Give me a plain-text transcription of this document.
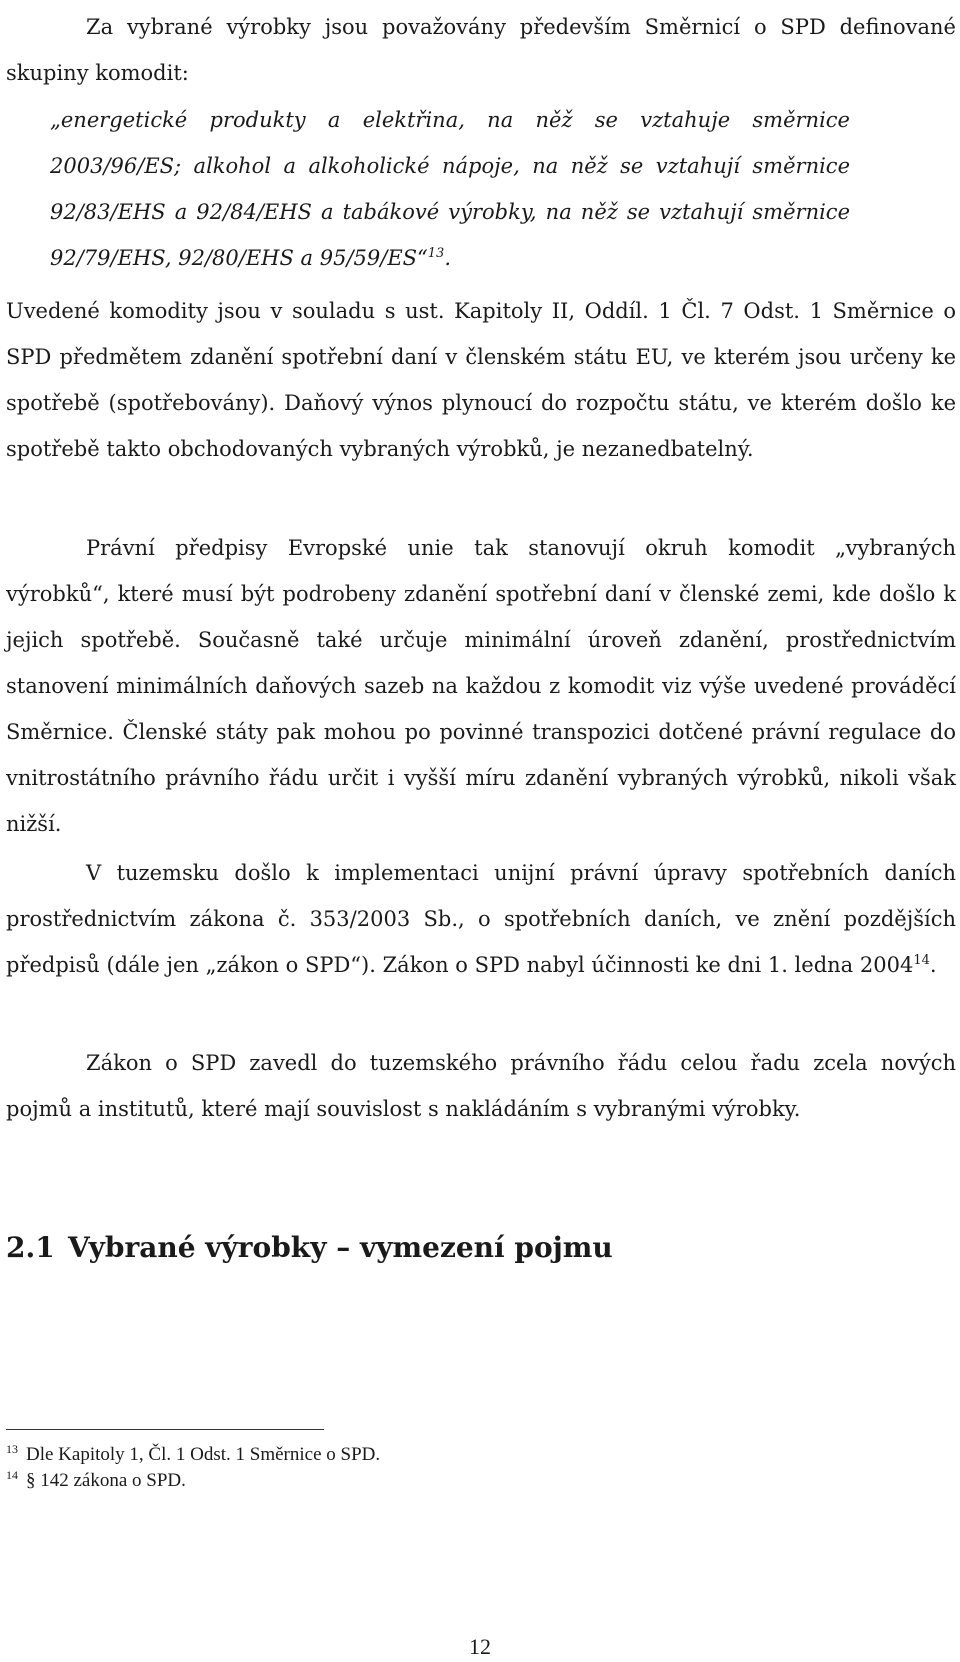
Za vybrané výrobky jsou považovány především Směrnicí o SPD definované skupiny komodit:

„energetické produkty a elektřina, na něž se vztahuje směrnice 2003/96/ES; alkohol a alkoholické nápoje, na něž se vztahují směrnice 92/83/EHS a 92/84/EHS a tabákové výrobky, na něž se vztahují směrnice 92/79/EHS, 92/80/EHS a 95/59/ES“$^{13}$.

Uvedené komodity jsou v souladu s ust. Kapitoly II, Oddíl. 1 Čl. 7 Odst. 1 Směrnice o SPD předmětem zdanění spotřební daní v členském státu EU, ve kterém jsou určeny ke spotřebě (spotřebovány). Daňový výnos plynoucí do rozpočtu státu, ve kterém došlo ke spotřebě takto obchodovaných vybraných výrobků, je nezanedbatelný.

Právní předpisy Evropské unie tak stanovují okruh komodit „vybraných výrobků“, které musí být podrobeny zdanění spotřební daní v členské zemi, kde došlo k jejich spotřebě. Současně také určuje minimální úroveň zdanění, prostřednictvím stanovení minimálních daňových sazeb na každou z komodit viz výše uvedené prováděcí Směrnice. Členské státy pak mohou po povinné transpozici dotčené právní regulace do vnitrostátního právního řádu určit i vyšší míru zdanění vybraných výrobků, nikoli však nižší.

V tuzemsku došlo k implementaci unijní právní úpravy spotřebních daních prostřednictvím zákona č. 353/2003 Sb., o spotřebních daních, ve znění pozdějších předpisů (dále jen „zákon o SPD“). Zákon o SPD nabyl účinnosti ke dni 1. ledna 2004$^{14}$.

Zákon o SPD zavedl do tuzemského právního řádu celou řadu zcela nových pojmů a institutů, které mají souvislost s nakládáním s vybranými výrobky.

2.1 Vybrané výrobky – vymezení pojmu
$^{13}$ Dle Kapitoly 1, Čl. 1 Odst. 1 Směrnice o SPD.
$^{14}$ § 142 zákona o SPD.
12
